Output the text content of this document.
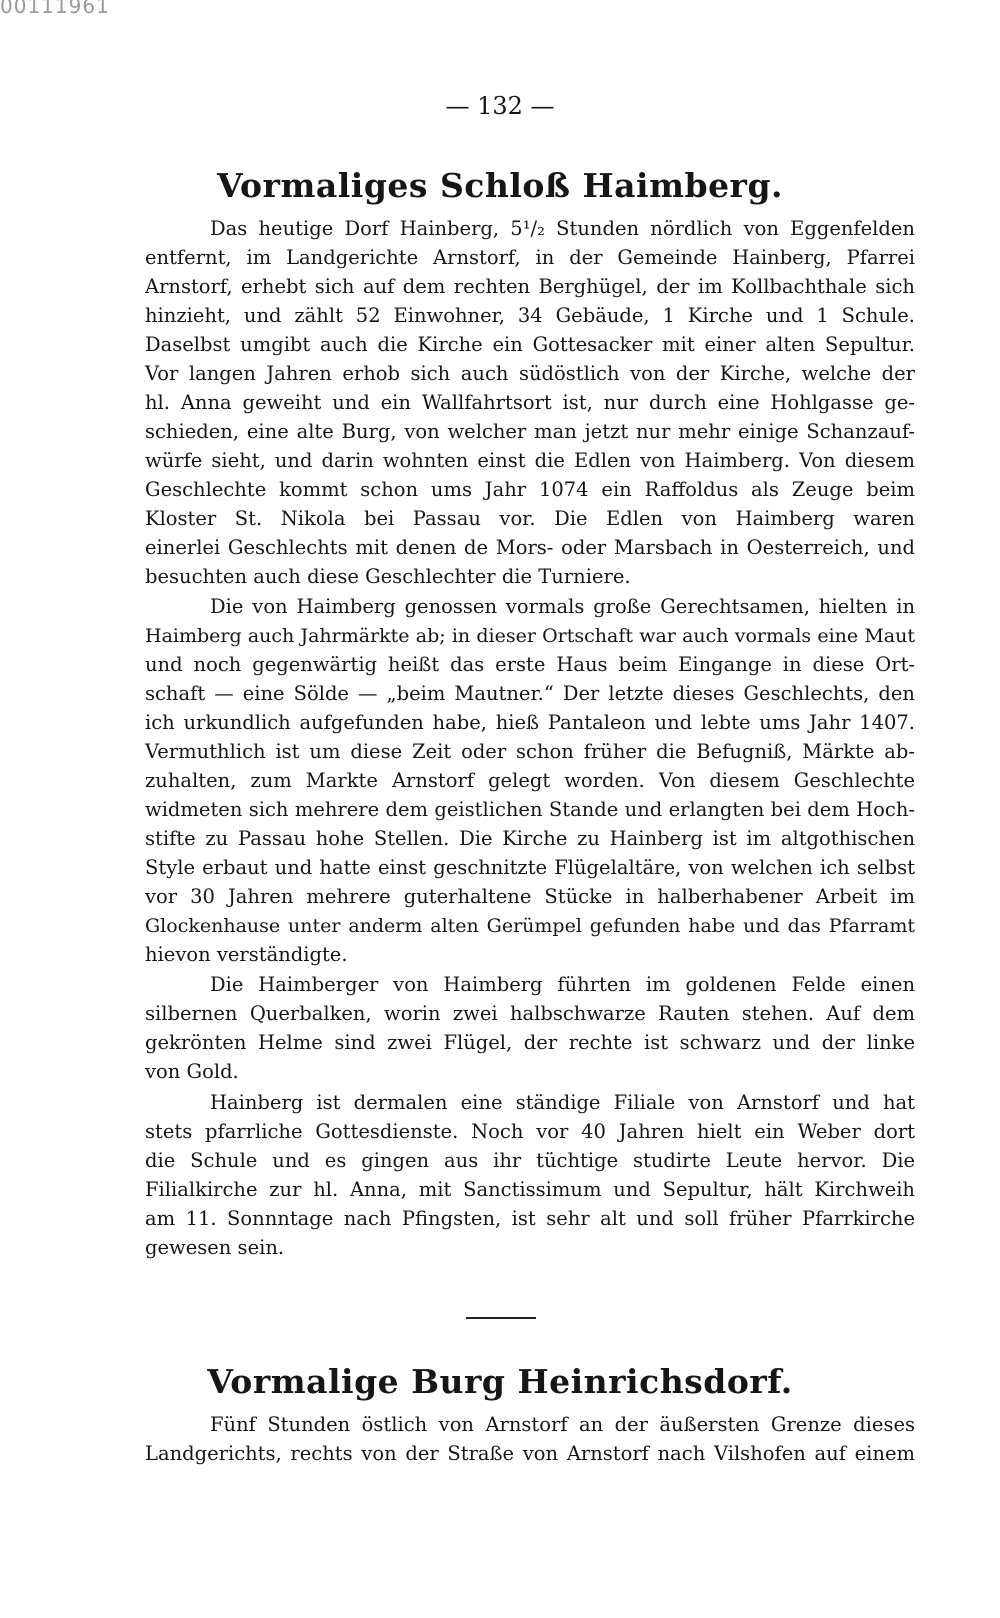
00111961
— 132 —
Vormaliges Schloß Haimberg.
Das heutige Dorf Hainberg, 5¹/₂ Stunden nördlich von Eggenfelden
entfernt, im Landgerichte Arnstorf, in der Gemeinde Hainberg, Pfarrei
Arnstorf, erhebt sich auf dem rechten Berghügel, der im Kollbachthale sich
hinzieht, und zählt 52 Einwohner, 34 Gebäude, 1 Kirche und 1 Schule.
Daselbst umgibt auch die Kirche ein Gottesacker mit einer alten Sepultur.
Vor langen Jahren erhob sich auch südöstlich von der Kirche, welche der
hl. Anna geweiht und ein Wallfahrtsort ist, nur durch eine Hohlgasse ge-
schieden, eine alte Burg, von welcher man jetzt nur mehr einige Schanzauf-
würfe sieht, und darin wohnten einst die Edlen von Haimberg. Von diesem
Geschlechte kommt schon ums Jahr 1074 ein Raffoldus als Zeuge beim
Kloster St. Nikola bei Passau vor. Die Edlen von Haimberg waren
einerlei Geschlechts mit denen de Mors- oder Marsbach in Oesterreich, und
besuchten auch diese Geschlechter die Turniere.
Die von Haimberg genossen vormals große Gerechtsamen, hielten in
Haimberg auch Jahrmärkte ab; in dieser Ortschaft war auch vormals eine Maut
und noch gegenwärtig heißt das erste Haus beim Eingange in diese Ort-
schaft — eine Sölde — „beim Mautner.“ Der letzte dieses Geschlechts, den
ich urkundlich aufgefunden habe, hieß Pantaleon und lebte ums Jahr 1407.
Vermuthlich ist um diese Zeit oder schon früher die Befugniß, Märkte ab-
zuhalten, zum Markte Arnstorf gelegt worden. Von diesem Geschlechte
widmeten sich mehrere dem geistlichen Stande und erlangten bei dem Hoch-
stifte zu Passau hohe Stellen. Die Kirche zu Hainberg ist im altgothischen
Style erbaut und hatte einst geschnitzte Flügelaltäre, von welchen ich selbst
vor 30 Jahren mehrere guterhaltene Stücke in halberhabener Arbeit im
Glockenhause unter anderm alten Gerümpel gefunden habe und das Pfarramt
hievon verständigte.
Die Haimberger von Haimberg führten im goldenen Felde einen
silbernen Querbalken, worin zwei halbschwarze Rauten stehen. Auf dem
gekrönten Helme sind zwei Flügel, der rechte ist schwarz und der linke
von Gold.
Hainberg ist dermalen eine ständige Filiale von Arnstorf und hat
stets pfarrliche Gottesdienste. Noch vor 40 Jahren hielt ein Weber dort
die Schule und es gingen aus ihr tüchtige studirte Leute hervor. Die
Filialkirche zur hl. Anna, mit Sanctissimum und Sepultur, hält Kirchweih
am 11. Sonnntage nach Pfingsten, ist sehr alt und soll früher Pfarrkirche
gewesen sein.
Vormalige Burg Heinrichsdorf.
Fünf Stunden östlich von Arnstorf an der äußersten Grenze dieses
Landgerichts, rechts von der Straße von Arnstorf nach Vilshofen auf einem
